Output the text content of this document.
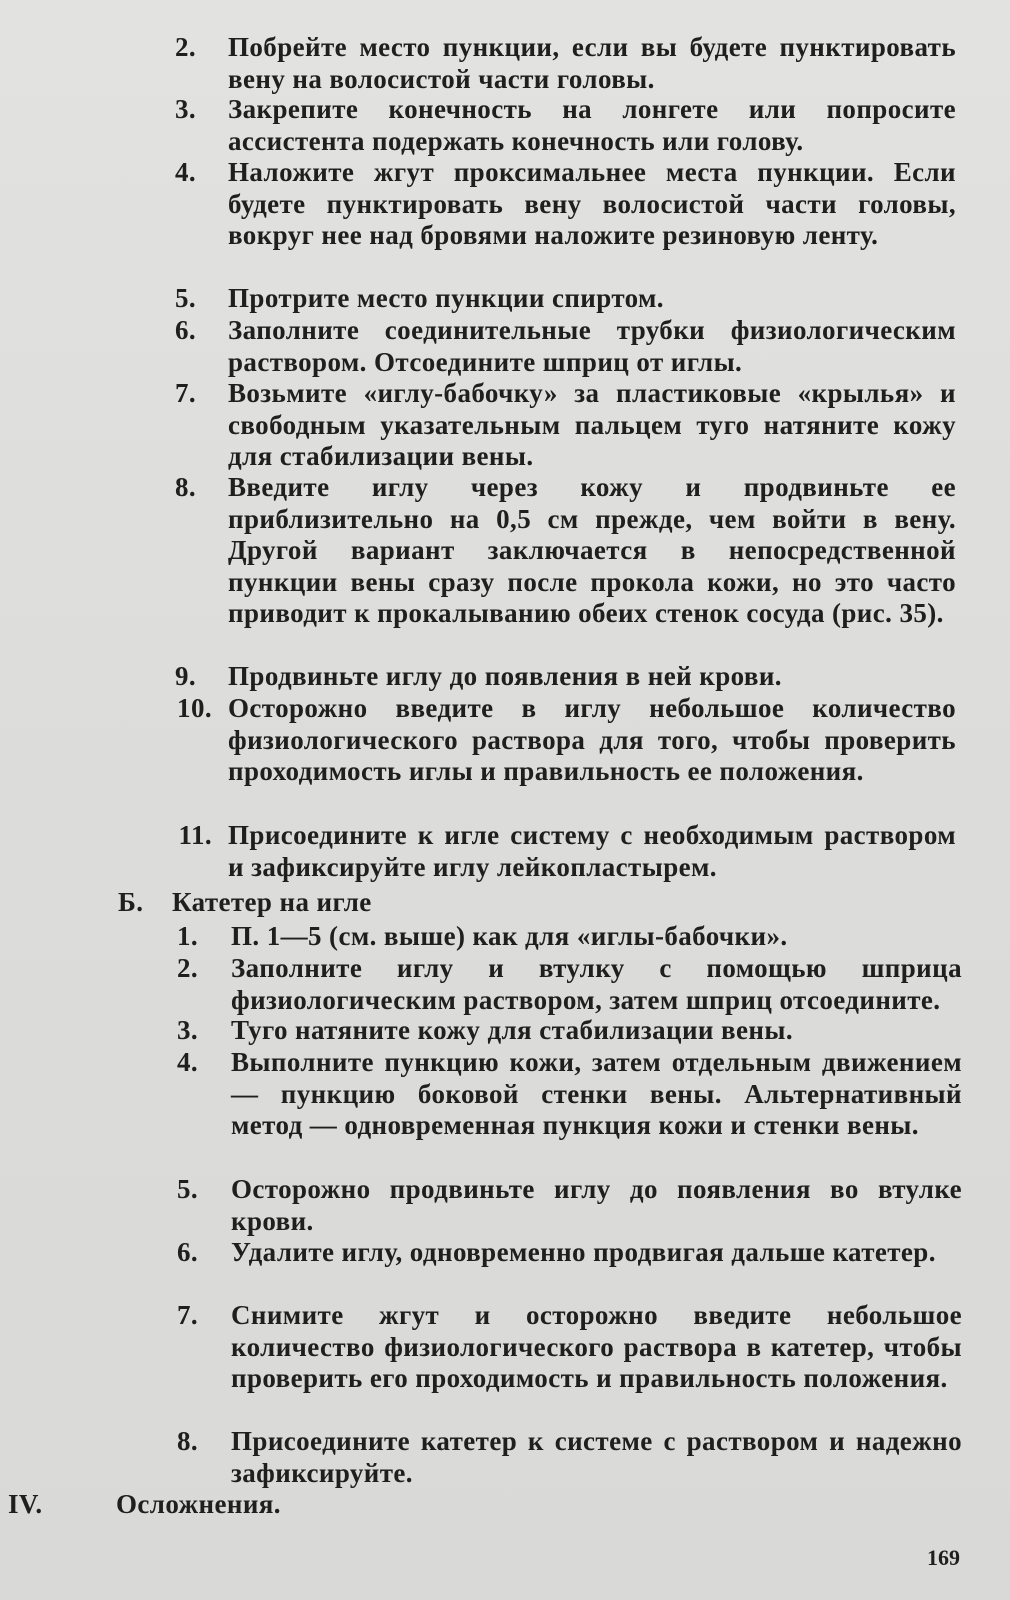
2. Побрейте место пункции, если вы будете пунктировать вену на волосистой части головы.
3. Закрепите конечность на лонгете или попросите ассистента подержать конечность или голову.
4. Наложите жгут проксимальнее места пункции. Если будете пунктировать вену волосистой части головы, вокруг нее над бровями наложите резиновую ленту.
5. Протрите место пункции спиртом.
6. Заполните соединительные трубки физиологическим раствором. Отсоедините шприц от иглы.
7. Возьмите «иглу-бабочку» за пластиковые «крылья» и свободным указательным пальцем туго натяните кожу для стабилизации вены.
8. Введите иглу через кожу и продвиньте ее приблизительно на 0,5 см прежде, чем войти в вену. Другой вариант заключается в непосредственной пункции вены сразу после прокола кожи, но это часто приводит к прокалыванию обеих стенок сосуда (рис. 35).
9. Продвиньте иглу до появления в ней крови.
10. Осторожно введите в иглу небольшое количество физиологического раствора для того, чтобы проверить проходимость иглы и правильность ее положения.
11. Присоедините к игле систему с необходимым раствором и зафиксируйте иглу лейкопластырем.
Б. Катетер на игле
1. П. 1—5 (см. выше) как для «иглы-бабочки».
2. Заполните иглу и втулку с помощью шприца физиологическим раствором, затем шприц отсоедините.
3. Туго натяните кожу для стабилизации вены.
4. Выполните пункцию кожи, затем отдельным движением — пункцию боковой стенки вены. Альтернативный метод — одновременная пункция кожи и стенки вены.
5. Осторожно продвиньте иглу до появления во втулке крови.
6. Удалите иглу, одновременно продвигая дальше катетер.
7. Снимите жгут и осторожно введите небольшое количество физиологического раствора в катетер, чтобы проверить его проходимость и правильность положения.
8. Присоедините катетер к системе с раствором и надежно зафиксируйте.
IV.	Осложнения.
169
